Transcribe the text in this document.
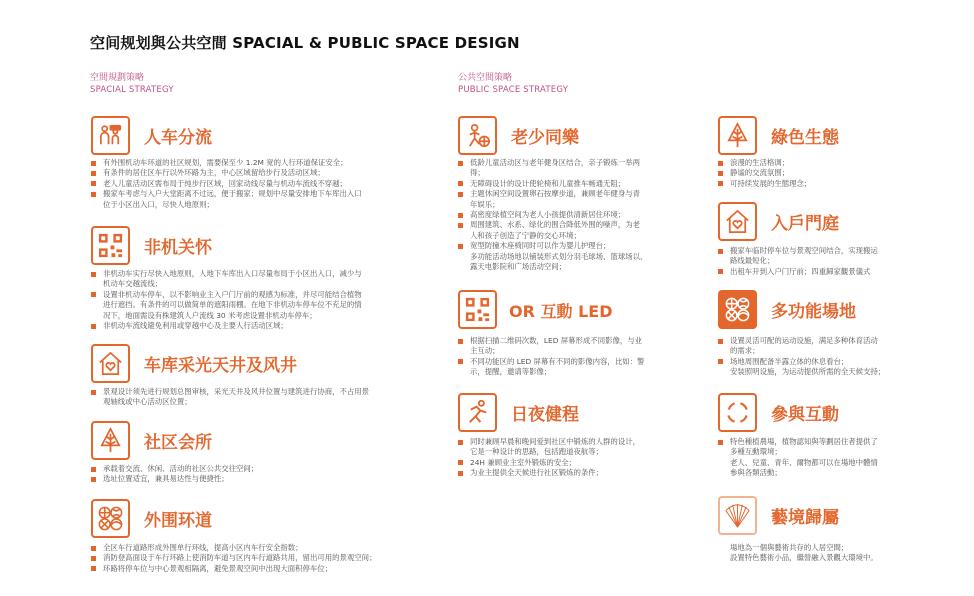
空间规划與公共空間 SPACIAL & PUBLIC SPACE DESIGN
空間規劃策略
SPACIAL STRATEGY
公共空間策略
PUBLIC SPACE STRATEGY
人车分流
有外围机动车环道的社区规划，需要保至少 1.2M 宽的人行环道保证安全；
有条件的居住区车行以外环路为主，中心区域留给步行及活动区域；
老人儿童活动区需布局于纯步行区域，回家动线尽量与机动车流线不穿越；
搬家车考虑与入户大堂距离不过远，便于搬家；规划中尽量安排地下车库出入口
位于小区出入口，尽快人地原则；
非机关怀
非机动车实行尽快入地原则，人地下车库出入口尽量布局于小区出入口，减少与
机动车交越流线；
设置非机动车停车，以不影响业主入户门厅前的观感为标准，并尽可能结合植物
进行遮挡。有条件的可以做简单的遮阳雨棚。在地下非机动车停车位不充足的情
况下，地面需设有株建筑人户流线 30 米考虑设置非机动车停车；
非机动车流线避免利用或穿越中心及主要人行活动区域；
车库采光天井及风井
景观设计须先进行规划总图审核，采光天井及风井位置与建筑进行协商，不占用景
观轴线或中心活动区位置；
社区会所
承载着交流、休闲、活动的社区公共交往空间；
选址位置适宜，兼具易达性与便捷性；
外围环道
全区车行道路形成外围单行环线，提高小区内车行安全指数；
消防登高面设于车行环路上使消防车道与区内车行道路共用，留出可用的景观空间；
环路将停车位与中心景观相隔离，避免景观空间中出现大面积停车位；
老少同樂
低龄儿童活动区与老年健身区结合，亲子锻炼一举两
得；
无障碍设计的设计使轮椅和儿童推车畅通无阻；
主题休闲空间设置卵石按摩步道，兼顾老年健身与青
年娱乐；
高密度绿植空间为老人小孩提供清新居住环境；
周围建筑、水系、绿化的围合降低外围的噪声，为老
人和孩子创造了宁静的交心环境；
宽型防撞木座椅同时可以作为婴儿护理台；
多功能活动场地以铺装形式划分羽毛球场、篮球场以、
露天电影院和广场活动空间；
OR 互動 LED
根据扫描二维码次数，LED 屏幕形成不同影像，与业
主互动；
不同功能区的 LED 屏幕有不同的影像内容，比如：警
示，提醒，邀请等影像；
日夜健程
同时兼顾早晨和晚间爱到社区中锻炼的人群的设计，
它是一种设计的思路，包括跑道夜航等；
24H 兼顾业主室外锻炼的安全；
为业主提供全天候进行社区锻炼的条件；
綠色生態
浪漫的生活格调；
静谧的交流氛围；
可持续发展的生態理念；
入戶門庭
搬家车临时停车位与景观空间结合，实现搬运
路线最短化；
出租车开到入户门厅前；四重歸家觀景儀式
多功能場地
设置灵活可配的运动设施，满足多种体育活动
的需求；
场地周围配备半露立体的休息看台；
安装照明设施，为运动提供所需的全天候支持；
參與互動
特色種植農場，植物認知與等劃居住者提供了
多種互動環境；
老人、兒童、青年、爾物都可以在場地中體情
參與各類活動；
藝境歸屬
場地為一個與藝術共存的人居空間；
設置特色藝術小品，繼營融入景觀大環境中。
